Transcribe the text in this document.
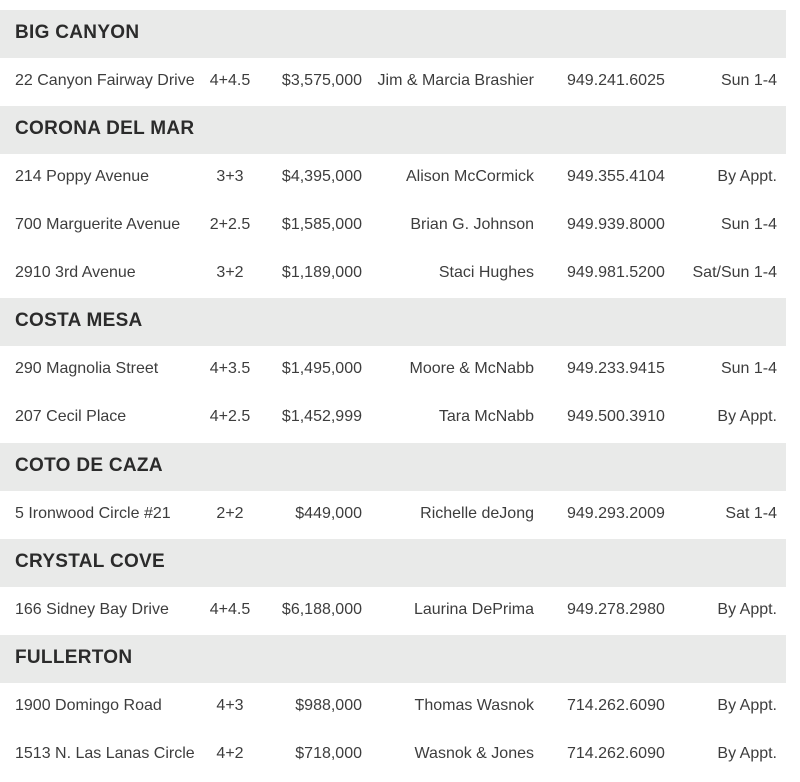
BIG CANYON
22 Canyon Fairway Drive 4+4.5	$3,575,000 Jim & Marcia Brashier 949.241.6025	Sun 1-4
CORONA DEL MAR
214 Poppy Avenue	3+3	$4,395,000	Alison McCormick 949.355.4104	By Appt.
700 Marguerite Avenue	2+2.5	$1,585,000	Brian G. Johnson 949.939.8000	Sun 1-4
2910 3rd Avenue	3+2	$1,189,000	Staci Hughes 949.981.5200 Sat/Sun 1-4
COSTA MESA
290 Magnolia Street	4+3.5	$1,495,000	Moore & McNabb 949.233.9415	Sun 1-4
207 Cecil Place	4+2.5	$1,452,999	Tara McNabb 949.500.3910	By Appt.
COTO DE CAZA
5 Ironwood Circle #21	2+2	$449,000	Richelle deJong 949.293.2009	Sat 1-4
CRYSTAL COVE
166 Sidney Bay Drive	4+4.5	$6,188,000	Laurina DePrima 949.278.2980	By Appt.
FULLERTON
1900 Domingo Road	4+3	$988,000	Thomas Wasnok 714.262.6090	By Appt.
1513 N. Las Lanas Circle	4+2	$718,000	Wasnok & Jones 714.262.6090	By Appt.
